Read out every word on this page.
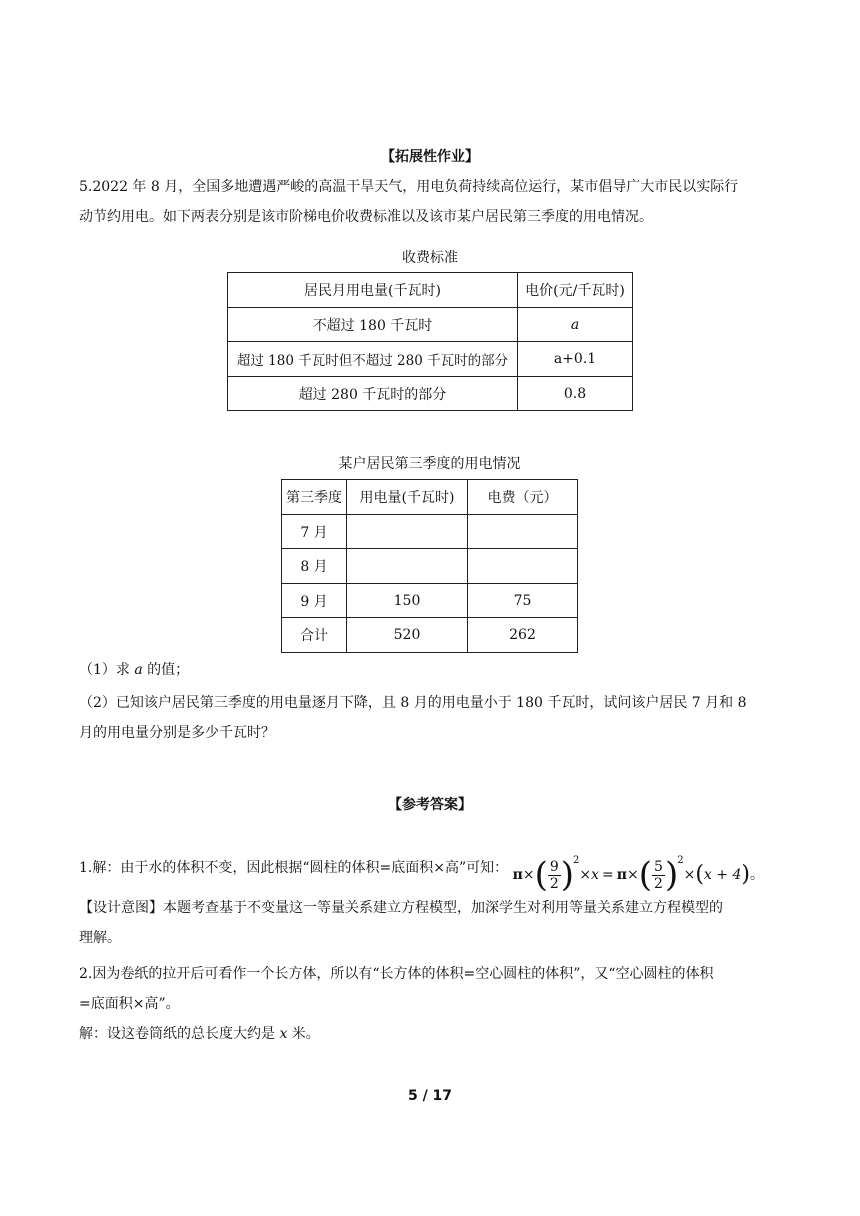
【拓展性作业】

5.2022 年 8 月，全国多地遭遇严峻的高温干旱天气，用电负荷持续高位运行，某市倡导广大市民以实际行
动节约用电。如下两表分别是该市阶梯电价收费标准以及该市某户居民第三季度的用电情况。

收费标准
居民月用电量(千瓦时)	电价(元/千瓦时)
不超过 180 千瓦时	a
超过 180 千瓦时但不超过 280 千瓦时的部分	a+0.1
超过 280 千瓦时的部分	0.8
某户居民第三季度的用电情况
第三季度	用电量(千瓦时)	电费（元）
7 月		
8 月		
9 月	150	75
合计	520	262

（1）求 a 的值；

（2）已知该户居民第三季度的用电量逐月下降，且 8 月的用电量小于 180 千瓦时，试问该户居民 7 月和 8
月的用电量分别是多少千瓦时？

【参考答案】
1.解：由于水的体积不变，因此根据“圆柱的体积=底面积×高”可知： $\pi\times( \frac{9}{2} )^2\times x = \pi\times( \frac{5}{2} )^2\times(x + 4)$。

【设计意图】本题考查基于不变量这一等量关系建立方程模型，加深学生对利用等量关系建立方程模型的
理解。

2.因为卷纸的拉开后可看作一个长方体，所以有“长方体的体积=空心圆柱的体积”，又“空心圆柱的体积
=底面积×高”。
解：设这卷筒纸的总长度大约是 x 米。

5 / 17
